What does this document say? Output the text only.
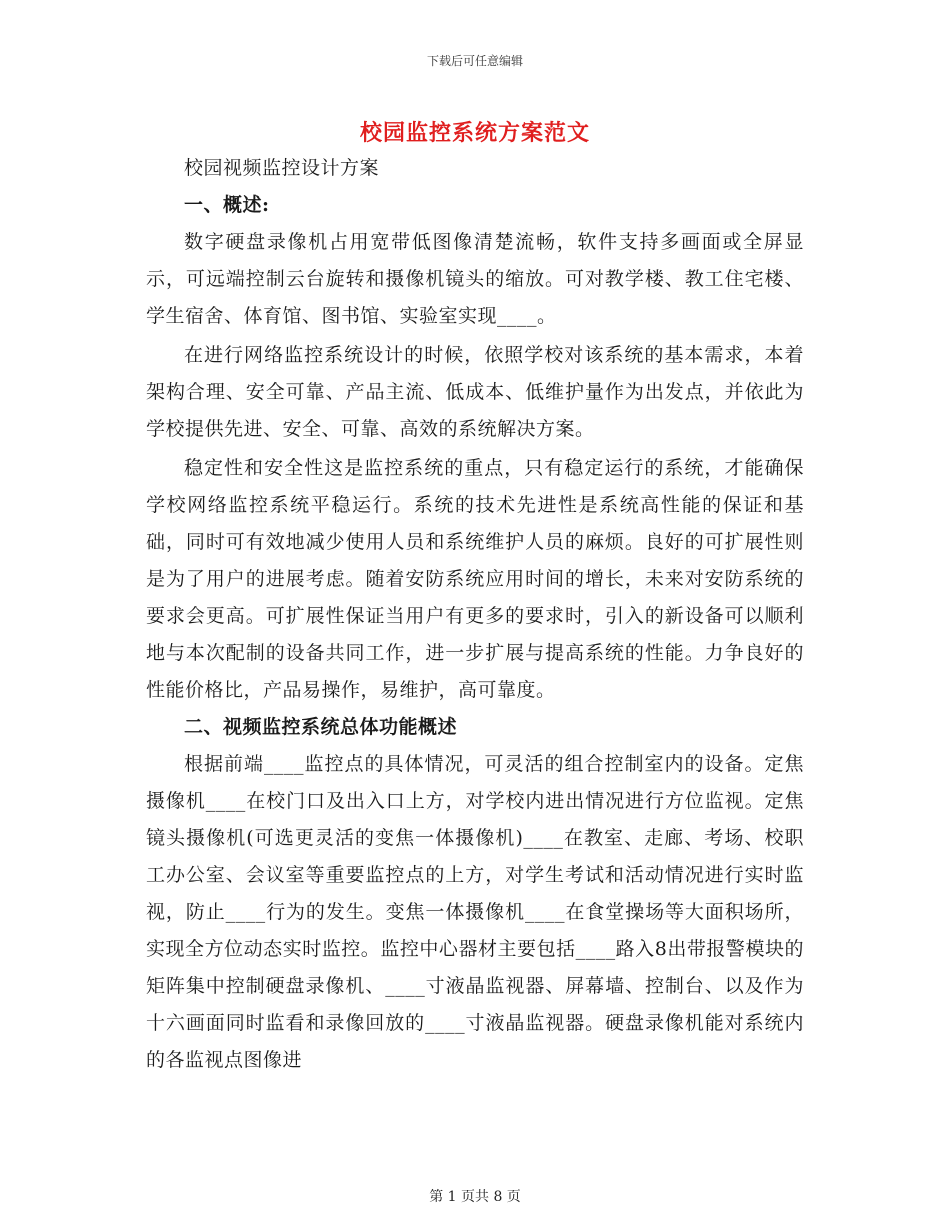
下载后可任意编辑
校园监控系统方案范文

校园视频监控设计方案

一、概述:

数字硬盘录像机占用宽带低图像清楚流畅，软件支持多画面或全屏显示，可远端控制云台旋转和摄像机镜头的缩放。可对教学楼、教工住宅楼、学生宿舍、体育馆、图书馆、实验室实现____。

在进行网络监控系统设计的时候，依照学校对该系统的基本需求，本着架构合理、安全可靠、产品主流、低成本、低维护量作为出发点，并依此为学校提供先进、安全、可靠、高效的系统解决方案。

稳定性和安全性这是监控系统的重点，只有稳定运行的系统，才能确保学校网络监控系统平稳运行。系统的技术先进性是系统高性能的保证和基础，同时可有效地减少使用人员和系统维护人员的麻烦。良好的可扩展性则是为了用户的进展考虑。随着安防系统应用时间的增长，未来对安防系统的要求会更高。可扩展性保证当用户有更多的要求时，引入的新设备可以顺利地与本次配制的设备共同工作，进一步扩展与提高系统的性能。力争良好的性能价格比，产品易操作，易维护，高可靠度。

二、视频监控系统总体功能概述

根据前端____监控点的具体情况，可灵活的组合控制室内的设备。定焦摄像机____在校门口及出入口上方，对学校内进出情况进行方位监视。定焦镜头摄像机(可选更灵活的变焦一体摄像机)____在教室、走廊、考场、校职工办公室、会议室等重要监控点的上方，对学生考试和活动情况进行实时监视，防止____行为的发生。变焦一体摄像机____在食堂操场等大面积场所，实现全方位动态实时监控。监控中心器材主要包括____路入8出带报警模块的矩阵集中控制硬盘录像机、____寸液晶监视器、屏幕墙、控制台、以及作为十六画面同时监看和录像回放的____寸液晶监视器。硬盘录像机能对系统内的各监视点图像进

第 1 页共 8 页
